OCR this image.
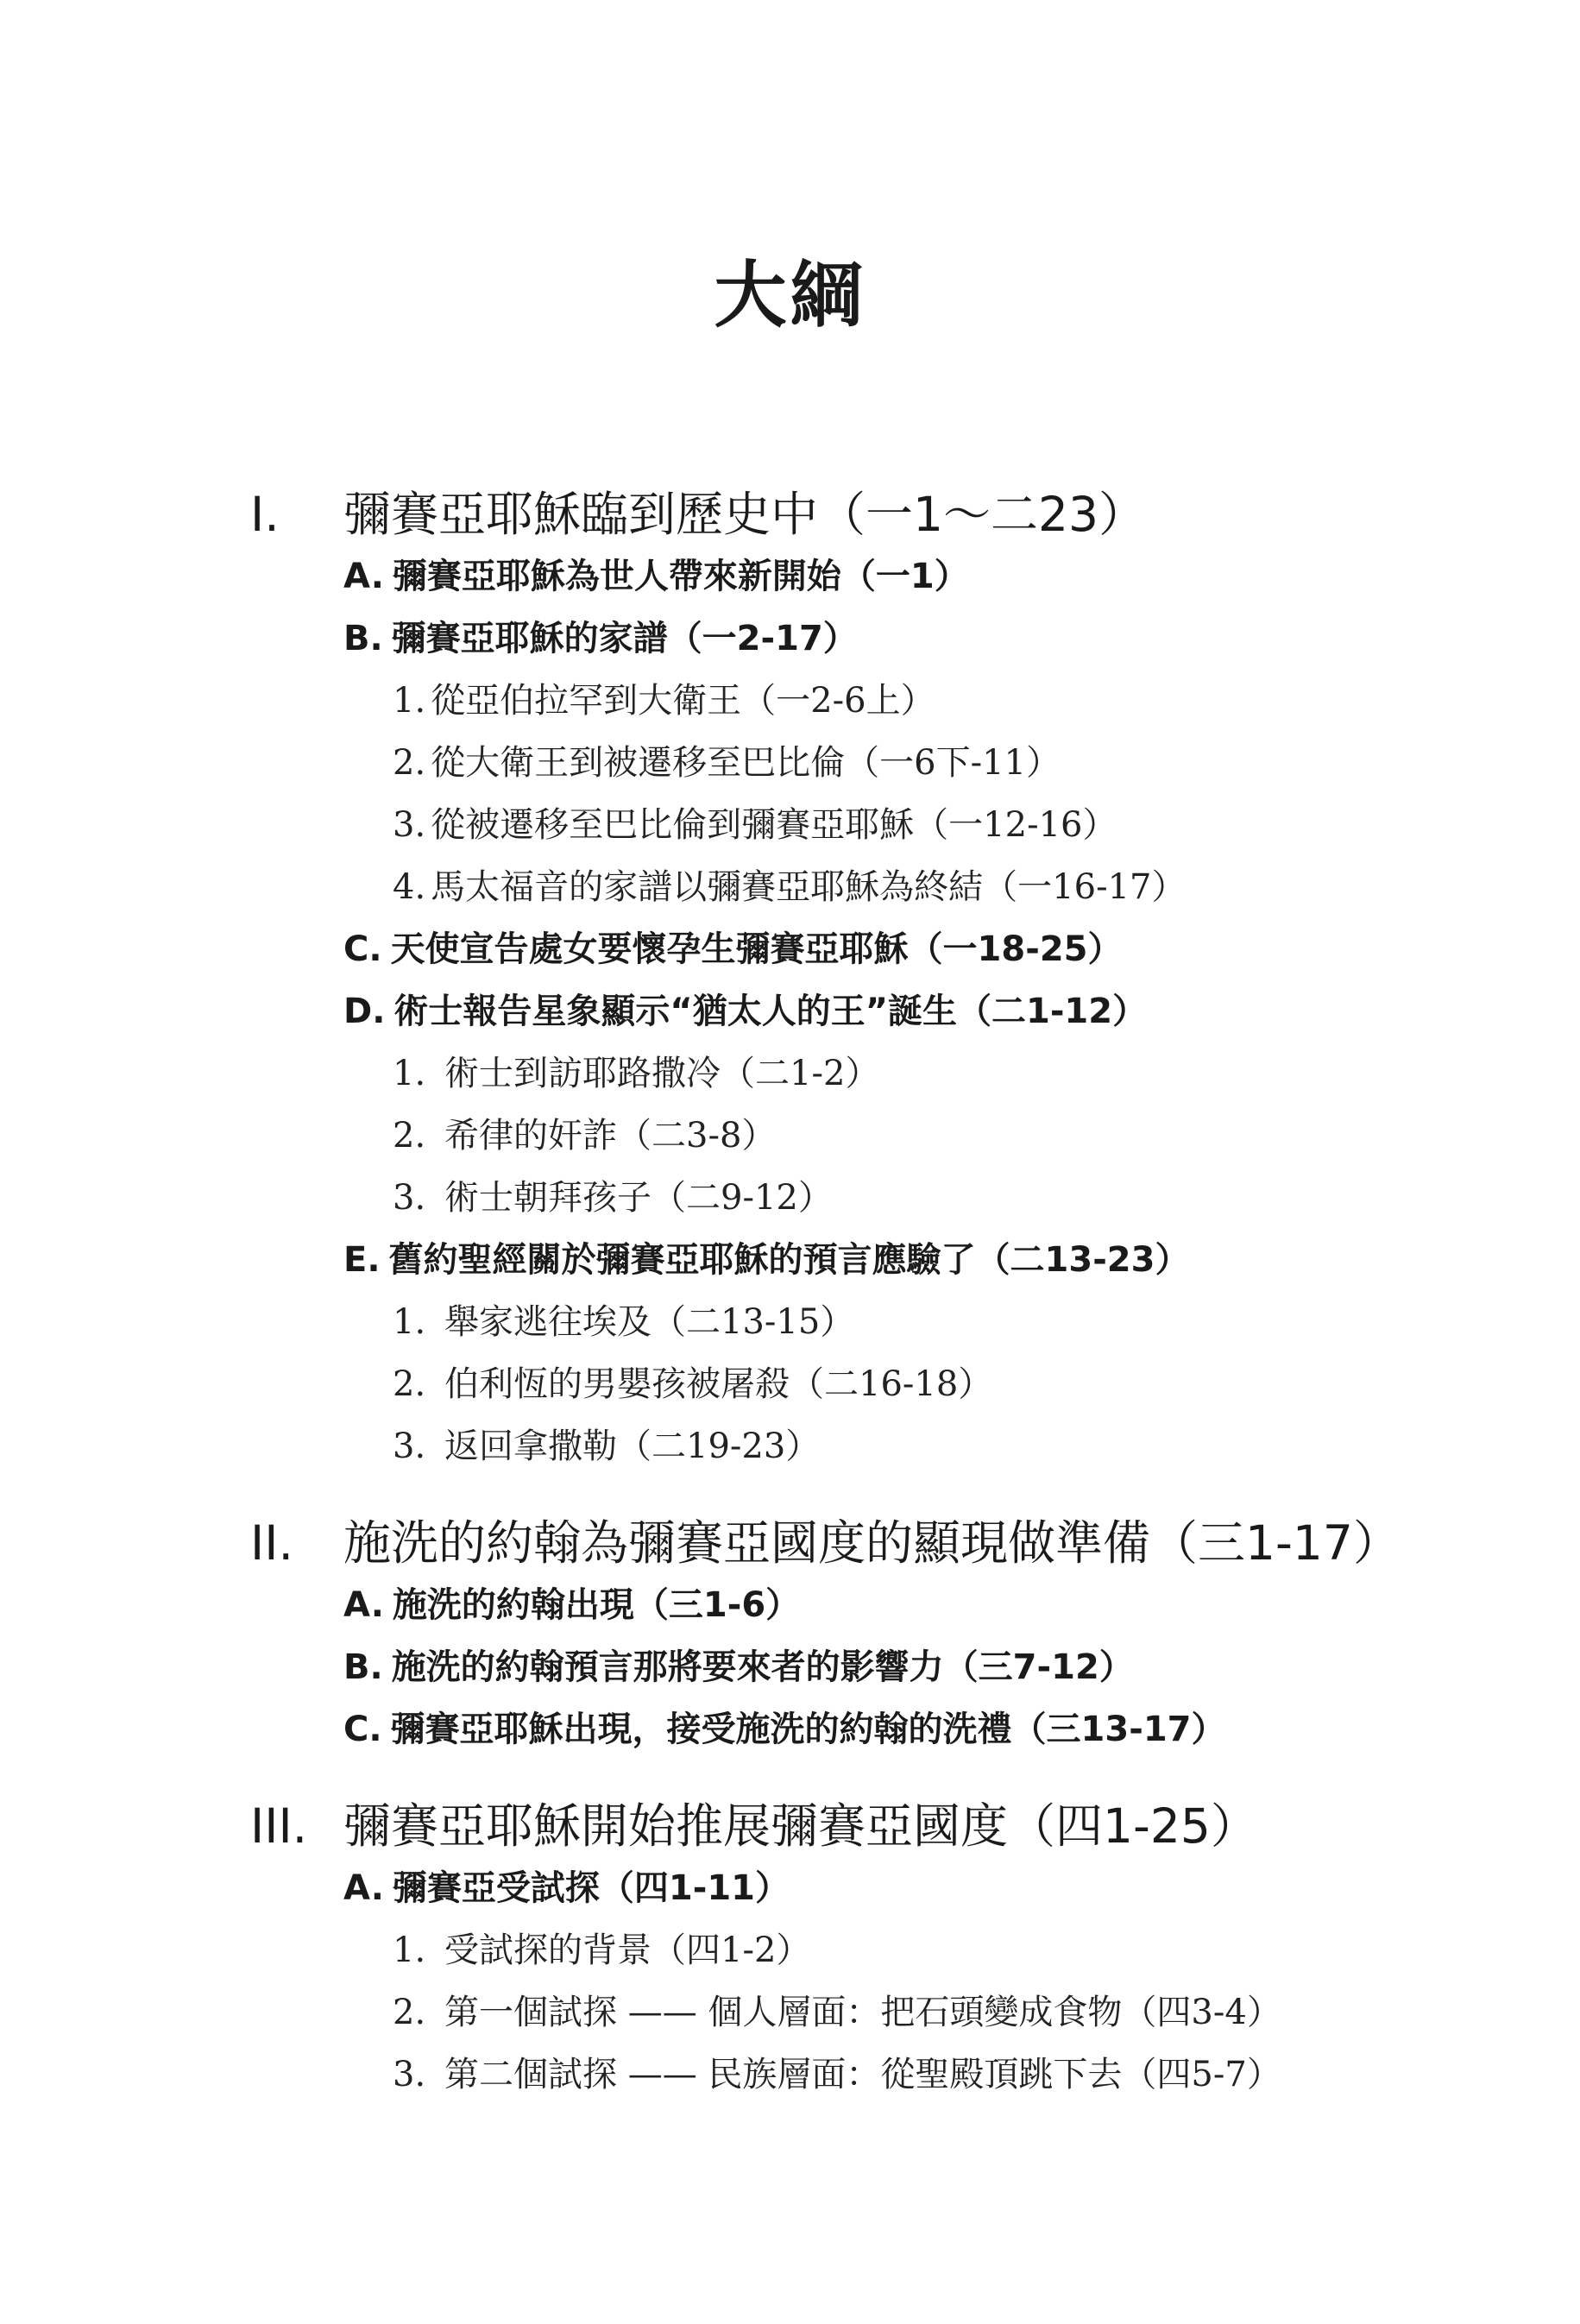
大綱
I. 彌賽亞耶穌臨到歷史中（一1～二23）
A. 彌賽亞耶穌為世人帶來新開始（一1）
B. 彌賽亞耶穌的家譜（一2-17）
1. 從亞伯拉罕到大衛王（一2-6上）
2. 從大衛王到被遷移至巴比倫（一6下-11）
3. 從被遷移至巴比倫到彌賽亞耶穌（一12-16）
4. 馬太福音的家譜以彌賽亞耶穌為終結（一16-17）
C. 天使宣告處女要懷孕生彌賽亞耶穌（一18-25）
D. 術士報告星象顯示“猶太人的王”誕生（二1-12）
1. 術士到訪耶路撒冷（二1-2）
2. 希律的奸詐（二3-8）
3. 術士朝拜孩子（二9-12）
E. 舊約聖經關於彌賽亞耶穌的預言應驗了（二13-23）
1. 舉家逃往埃及（二13-15）
2. 伯利恆的男嬰孩被屠殺（二16-18）
3. 返回拿撒勒（二19-23）
II. 施洗的約翰為彌賽亞國度的顯現做準備（三1-17）
A. 施洗的約翰出現（三1-6）
B. 施洗的約翰預言那將要來者的影響力（三7-12）
C. 彌賽亞耶穌出現，接受施洗的約翰的洗禮（三13-17）
III. 彌賽亞耶穌開始推展彌賽亞國度（四1-25）
A. 彌賽亞受試探（四1-11）
1. 受試探的背景（四1-2）
2. 第一個試探 —— 個人層面：把石頭變成食物（四3-4）
3. 第二個試探 —— 民族層面：從聖殿頂跳下去（四5-7）
